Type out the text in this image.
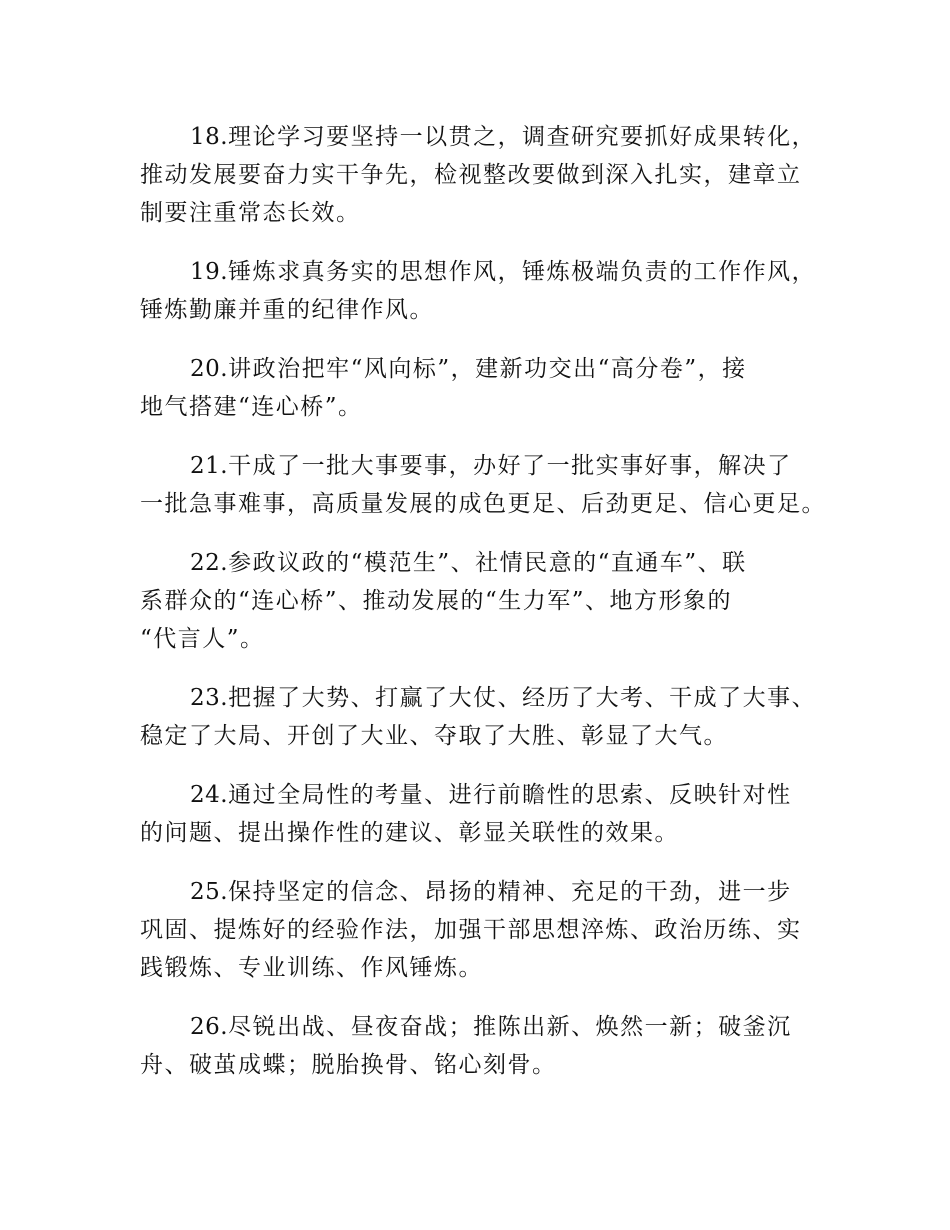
18.理论学习要坚持一以贯之，调查研究要抓好成果转化，
推动发展要奋力实干争先，检视整改要做到深入扎实，建章立
制要注重常态长效。
19.锤炼求真务实的思想作风，锤炼极端负责的工作作风，
锤炼勤廉并重的纪律作风。
20.讲政治把牢“风向标”，建新功交出“高分卷”，接
地气搭建“连心桥”。
21.干成了一批大事要事，办好了一批实事好事，解决了
一批急事难事，高质量发展的成色更足、后劲更足、信心更足。
22.参政议政的“模范生”、社情民意的“直通车”、联
系群众的“连心桥”、推动发展的“生力军”、地方形象的
“代言人”。
23.把握了大势、打赢了大仗、经历了大考、干成了大事、
稳定了大局、开创了大业、夺取了大胜、彰显了大气。
24.通过全局性的考量、进行前瞻性的思索、反映针对性
的问题、提出操作性的建议、彰显关联性的效果。
25.保持坚定的信念、昂扬的精神、充足的干劲，进一步
巩固、提炼好的经验作法，加强干部思想淬炼、政治历练、实
践锻炼、专业训练、作风锤炼。
26.尽锐出战、昼夜奋战；推陈出新、焕然一新；破釜沉
舟、破茧成蝶；脱胎换骨、铭心刻骨。
